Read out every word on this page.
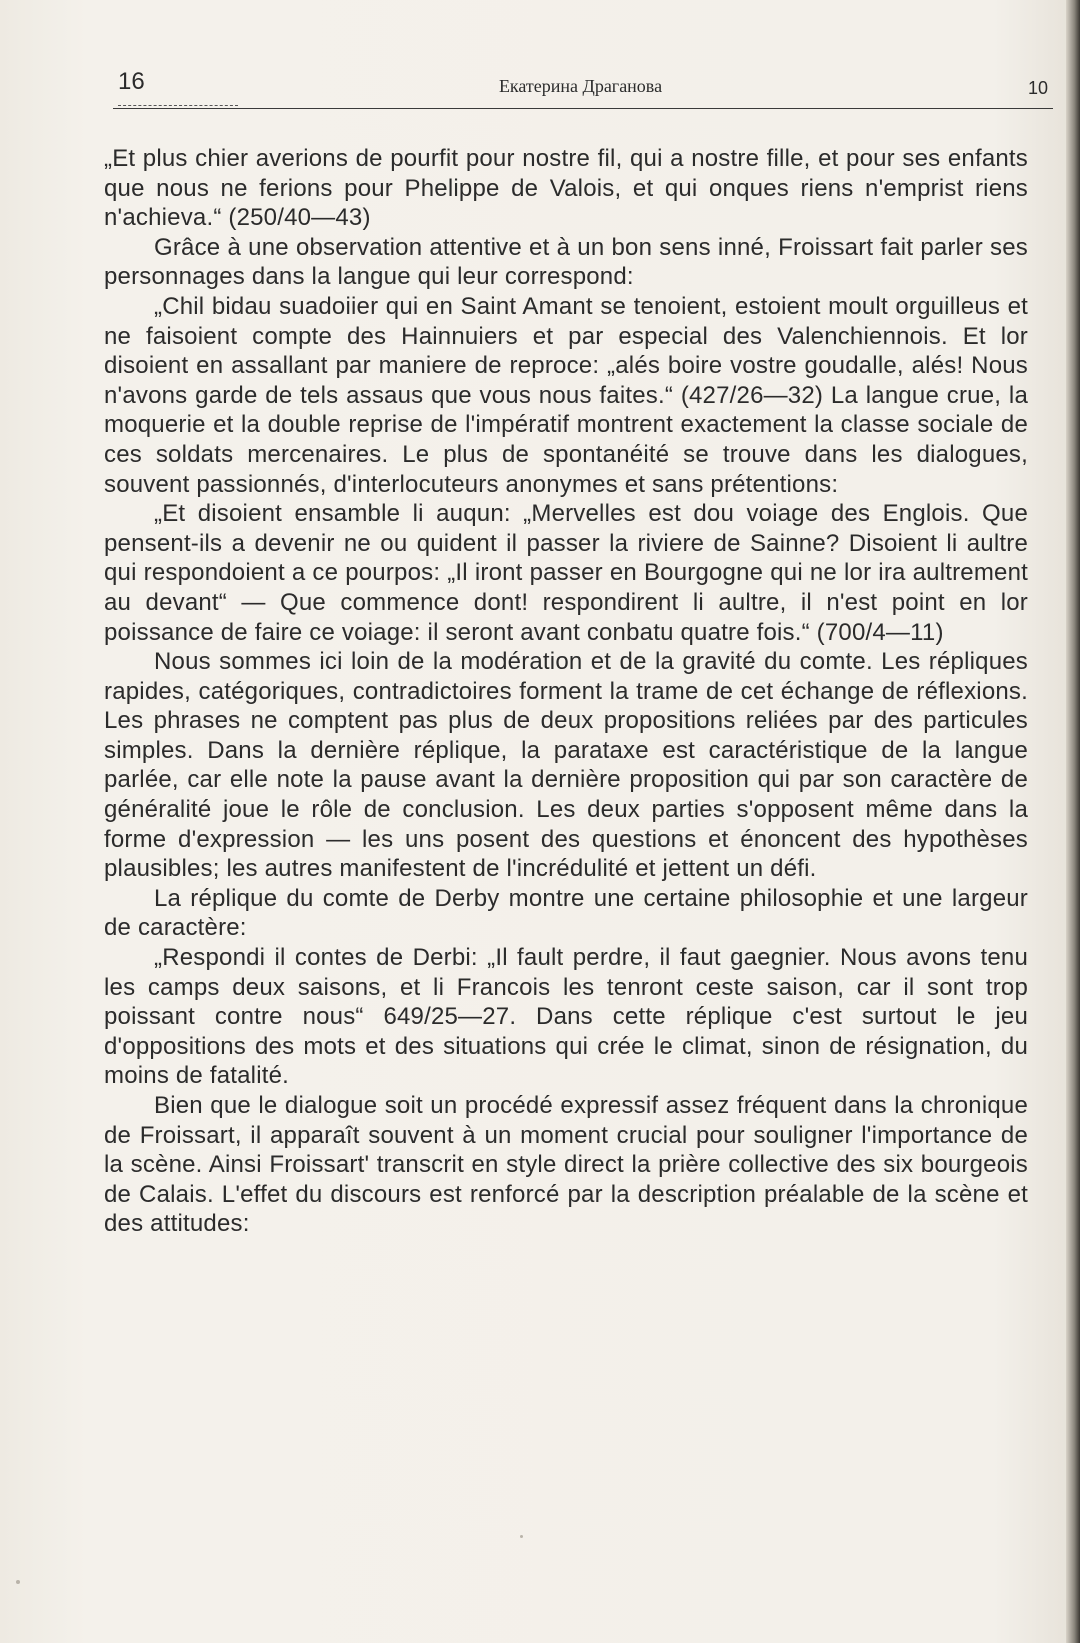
16	Екатерина Драганова	10

„Et plus chier averions de pourfit pour nostre fil, qui a nostre fille, et pour ses enfants que nous ne ferions pour Phelippe de Valois, et qui onques riens n'emprist riens n'achieva.“ (250/40—43)

Grâce à une observation attentive et à un bon sens inné, Froissart fait parler ses personnages dans la langue qui leur correspond:

„Chil bidau suadoiier qui en Saint Amant se tenoient, estoient moult orguilleus et ne faisoient compte des Hainnuiers et par especial des Valenchiennois. Et lor disoient en assallant par maniere de reproce: „alés boire vostre goudalle, alés! Nous n'avons garde de tels assaus que vous nous faites.“ (427/26—32) La langue crue, la moquerie et la double reprise de l'impératif montrent exactement la classe sociale de ces soldats mercenaires. Le plus de spontanéité se trouve dans les dialogues, souvent passionnés, d'interlocuteurs anonymes et sans prétentions:

„Et disoient ensamble li auqun: „Mervelles est dou voiage des Englois. Que pensent-ils a devenir ne ou quident il passer la riviere de Sainne? Disoient li aultre qui respondoient a ce pourpos: „Il iront passer en Bourgogne qui ne lor ira aultrement au devant“ — Que commence dont! respondirent li aultre, il n'est point en lor poissance de faire ce voiage: il seront avant conbatu quatre fois.“ (700/4—11)

Nous sommes ici loin de la modération et de la gravité du comte. Les répliques rapides, catégoriques, contradictoires forment la trame de cet échange de réflexions. Les phrases ne comptent pas plus de deux propositions reliées par des particules simples. Dans la dernière réplique, la parataxe est caractéristique de la langue parlée, car elle note la pause avant la dernière proposition qui par son caractère de généralité joue le rôle de conclusion. Les deux parties s'opposent même dans la forme d'expression — les uns posent des questions et énoncent des hypothèses plausibles; les autres manifestent de l'incrédulité et jettent un défi.

La réplique du comte de Derby montre une certaine philosophie et une largeur de caractère:

„Respondi il contes de Derbi: „Il fault perdre, il faut gaegnier. Nous avons tenu les camps deux saisons, et li Francois les tenront ceste saison, car il sont trop poissant contre nous“ 649/25—27. Dans cette réplique c'est surtout le jeu d'oppositions des mots et des situations qui crée le climat, sinon de résignation, du moins de fatalité.

Bien que le dialogue soit un procédé expressif assez fréquent dans la chronique de Froissart, il apparaît souvent à un moment crucial pour souligner l'importance de la scène. Ainsi Froissart' transcrit en style direct la prière collective des six bourgeois de Calais. L'effet du discours est renforcé par la description préalable de la scène et des attitudes:
